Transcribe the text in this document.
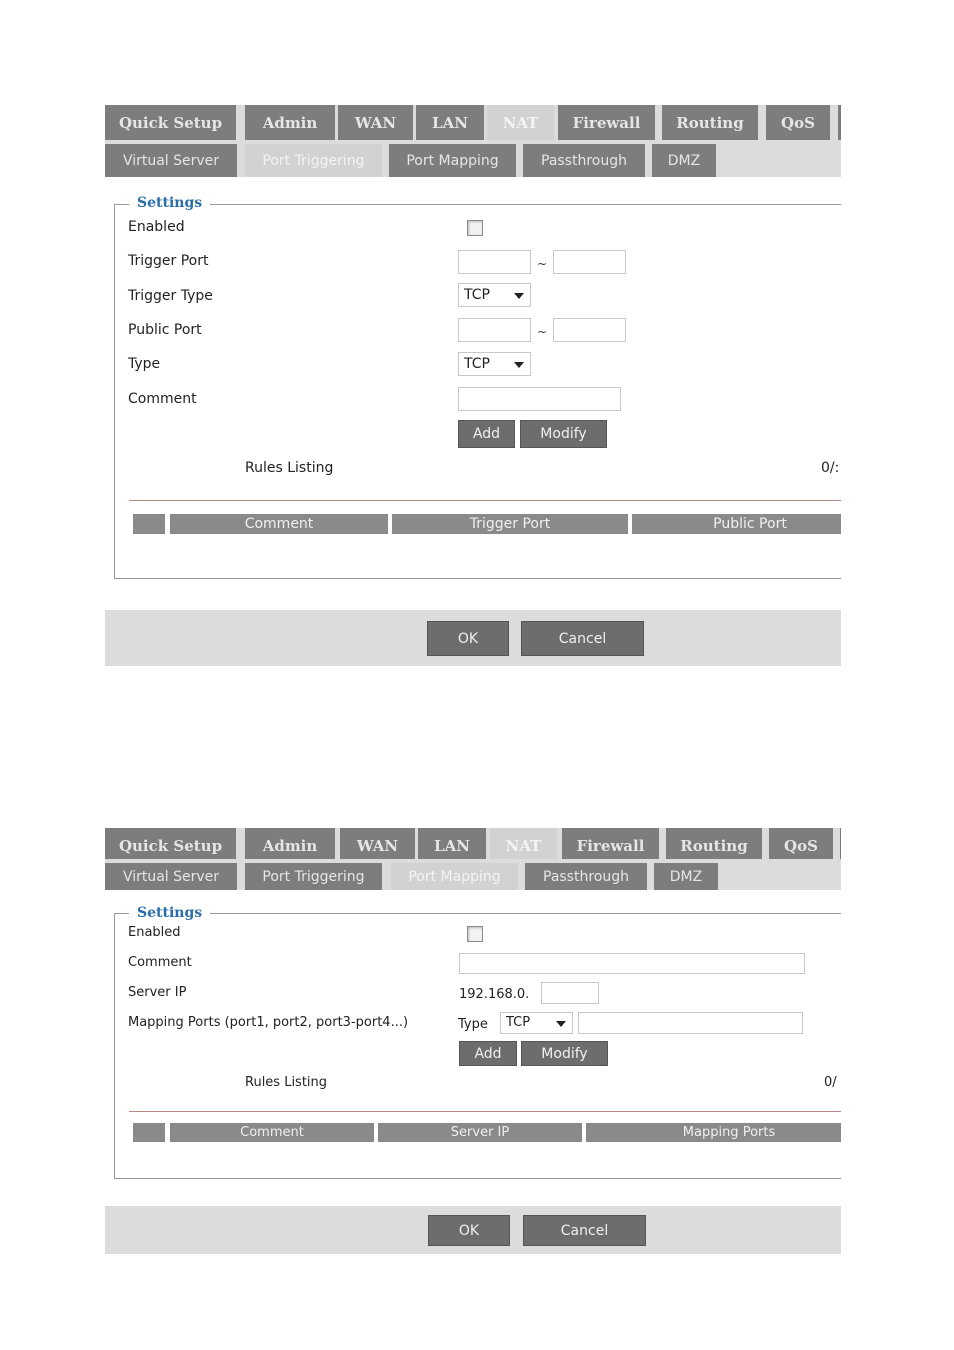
Quick Setup	Admin	WAN	LAN	NAT	Firewall	Routing	QoS
Virtual Server	Port Triggering	Port Mapping	Passthrough	DMZ
Settings
Enabled
Trigger Port	~
Trigger Type	TCP
Public Port	~
Type	TCP
Comment
Add	Modify
Rules Listing	0/:
Comment	Trigger Port	Public Port
OK	Cancel
Quick Setup	Admin	WAN	LAN	NAT	Firewall	Routing	QoS
Virtual Server	Port Triggering	Port Mapping	Passthrough	DMZ
Settings
Enabled
Comment
Server IP	192.168.0.
Mapping Ports (port1, port2, port3-port4...)	Type	TCP
Add	Modify
Rules Listing	0/
Comment	Server IP	Mapping Ports
OK	Cancel
